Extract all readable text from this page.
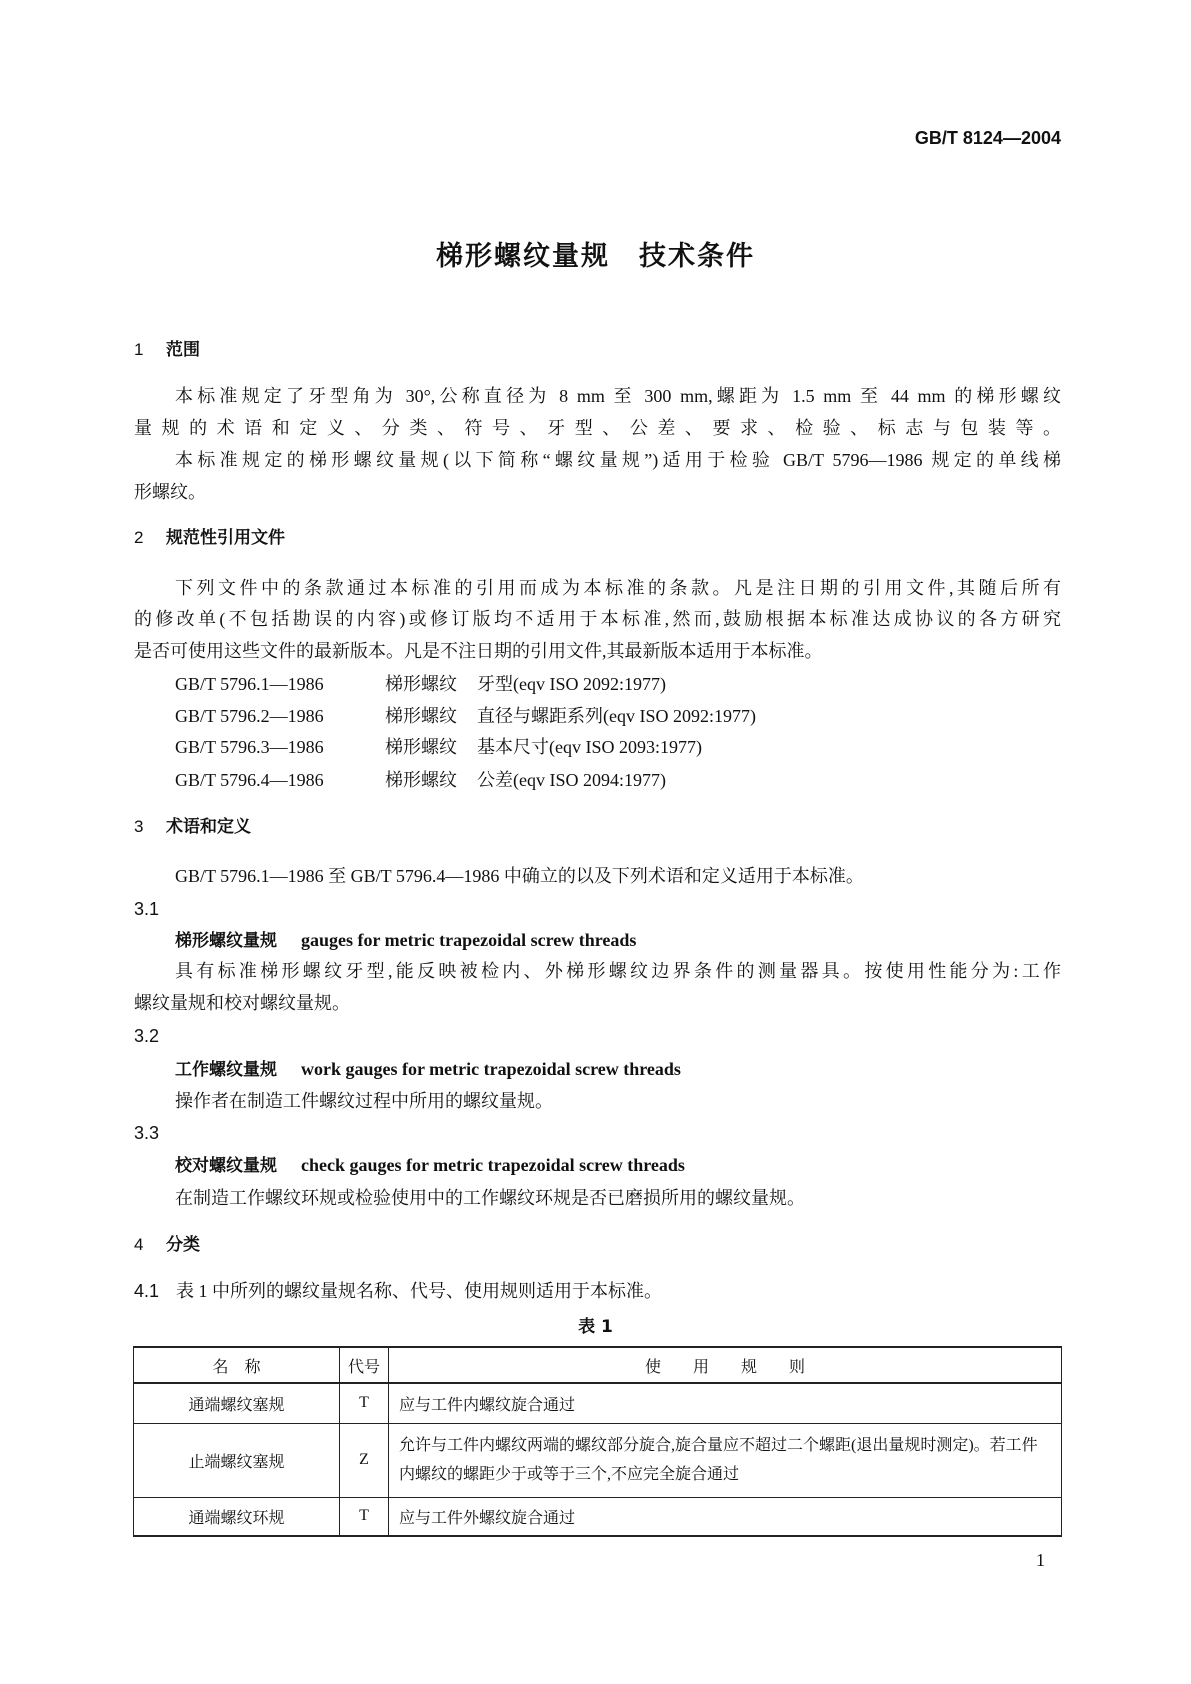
GB/T 8124—2004
梯形螺纹量规　技术条件
1 范围
本标准规定了牙型角为 30°,公称直径为 8 mm 至 300 mm,螺距为 1.5 mm 至 44 mm 的梯形螺纹
量规的术语和定义、分类、符号、牙型、公差、要求、检验、标志与包装等。
本标准规定的梯形螺纹量规(以下简称“螺纹量规”)适用于检验 GB/T 5796—1986 规定的单线梯
形螺纹。
2 规范性引用文件
下列文件中的条款通过本标准的引用而成为本标准的条款。凡是注日期的引用文件,其随后所有
的修改单(不包括勘误的内容)或修订版均不适用于本标准,然而,鼓励根据本标准达成协议的各方研究
是否可使用这些文件的最新版本。凡是不注日期的引用文件,其最新版本适用于本标准。
GB/T 5796.1—1986	梯形螺纹 牙型(eqv ISO 2092:1977)
GB/T 5796.2—1986	梯形螺纹 直径与螺距系列(eqv ISO 2092:1977)
GB/T 5796.3—1986	梯形螺纹 基本尺寸(eqv ISO 2093:1977)
GB/T 5796.4—1986	梯形螺纹 公差(eqv ISO 2094:1977)
3 术语和定义
GB/T 5796.1—1986 至 GB/T 5796.4—1986 中确立的以及下列术语和定义适用于本标准。
3.1
梯形螺纹量规 gauges for metric trapezoidal screw threads
具有标准梯形螺纹牙型,能反映被检内、外梯形螺纹边界条件的测量器具。按使用性能分为:工作
螺纹量规和校对螺纹量规。
3.2
工作螺纹量规 work gauges for metric trapezoidal screw threads
操作者在制造工件螺纹过程中所用的螺纹量规。
3.3
校对螺纹量规 check gauges for metric trapezoidal screw threads
在制造工作螺纹环规或检验使用中的工作螺纹环规是否已磨损所用的螺纹量规。
4 分类
4.1 表 1 中所列的螺纹量规名称、代号、使用规则适用于本标准。
表 1
名　称	代号	使　　用　　规　　则
通端螺纹塞规	T	应与工件内螺纹旋合通过
止端螺纹塞规	Z	允许与工件内螺纹两端的螺纹部分旋合,旋合量应不超过二个螺距(退出量规时测定)。若工件内螺纹的螺距少于或等于三个,不应完全旋合通过
通端螺纹环规	T	应与工件外螺纹旋合通过
1
